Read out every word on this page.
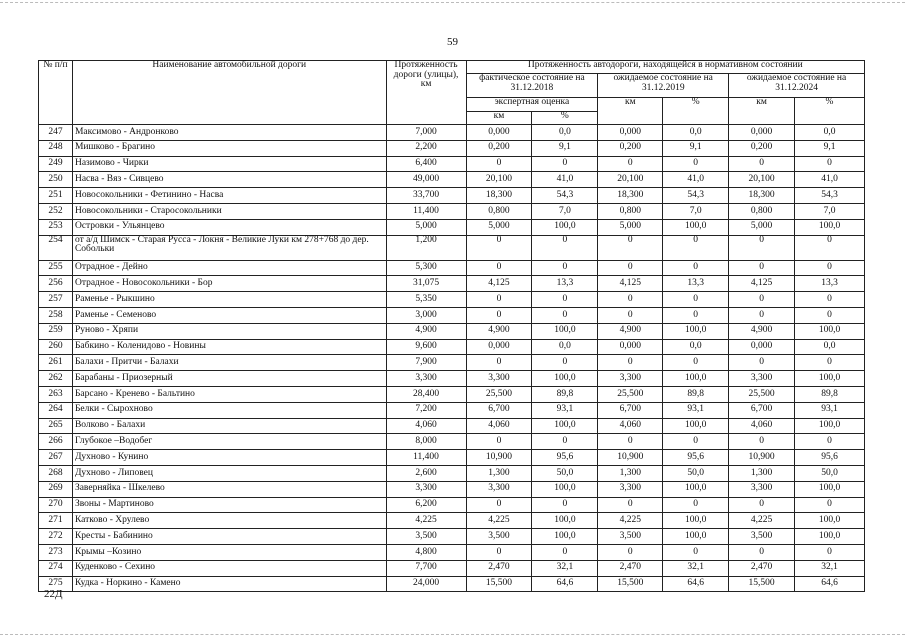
59
№ п/п	Наименование автомобильной дороги	Протяженность дороги (улицы), км	Протяженность автодороги, находящейся в нормативном состоянии					
			фактическое состояние на 31.12.2018		ожидаемое состояние на 31.12.2019		ожидаемое состояние на 31.12.2024	
			экспертная оценка		км	%	км	%
			км	%				
247	Максимово - Андронково	7,000	0,000	0,0	0,000	0,0	0,000	0,0
248	Мишково - Брагино	2,200	0,200	9,1	0,200	9,1	0,200	9,1
249	Назимово - Чирки	6,400	0	0	0	0	0	0
250	Насва - Вяз - Сивцево	49,000	20,100	41,0	20,100	41,0	20,100	41,0
251	Новосокольники - Фетинино - Насва	33,700	18,300	54,3	18,300	54,3	18,300	54,3
252	Новосокольники - Старосокольники	11,400	0,800	7,0	0,800	7,0	0,800	7,0
253	Островки - Ульянцево	5,000	5,000	100,0	5,000	100,0	5,000	100,0
254	от а/д Шимск - Старая Русса - Локня - Великие Луки км 278+768 до дер. Собольки	1,200	0	0	0	0	0	0
255	Отрадное - Дейно	5,300	0	0	0	0	0	0
256	Отрадное - Новосокольники - Бор	31,075	4,125	13,3	4,125	13,3	4,125	13,3
257	Раменье - Рыкшино	5,350	0	0	0	0	0	0
258	Раменье - Семеново	3,000	0	0	0	0	0	0
259	Руново - Хряпи	4,900	4,900	100,0	4,900	100,0	4,900	100,0
260	Бабкино - Коленидово - Новины	9,600	0,000	0,0	0,000	0,0	0,000	0,0
261	Балахи - Притчи - Балахи	7,900	0	0	0	0	0	0
262	Барабаны - Приозерный	3,300	3,300	100,0	3,300	100,0	3,300	100,0
263	Барсано - Кренево - Бальтино	28,400	25,500	89,8	25,500	89,8	25,500	89,8
264	Белки - Сырохново	7,200	6,700	93,1	6,700	93,1	6,700	93,1
265	Волково - Балахи	4,060	4,060	100,0	4,060	100,0	4,060	100,0
266	Глубокое –Водобег	8,000	0	0	0	0	0	0
267	Духново - Кунино	11,400	10,900	95,6	10,900	95,6	10,900	95,6
268	Духново - Липовец	2,600	1,300	50,0	1,300	50,0	1,300	50,0
269	Заверняйка - Шкелево	3,300	3,300	100,0	3,300	100,0	3,300	100,0
270	Звоны - Мартиново	6,200	0	0	0	0	0	0
271	Катково - Хрулево	4,225	4,225	100,0	4,225	100,0	4,225	100,0
272	Кресты - Бабинино	3,500	3,500	100,0	3,500	100,0	3,500	100,0
273	Крымы –Козино	4,800	0	0	0	0	0	0
274	Куденково - Сехино	7,700	2,470	32,1	2,470	32,1	2,470	32,1
275	Кудка - Норкино - Камено	24,000	15,500	64,6	15,500	64,6	15,500	64,6
22Д
